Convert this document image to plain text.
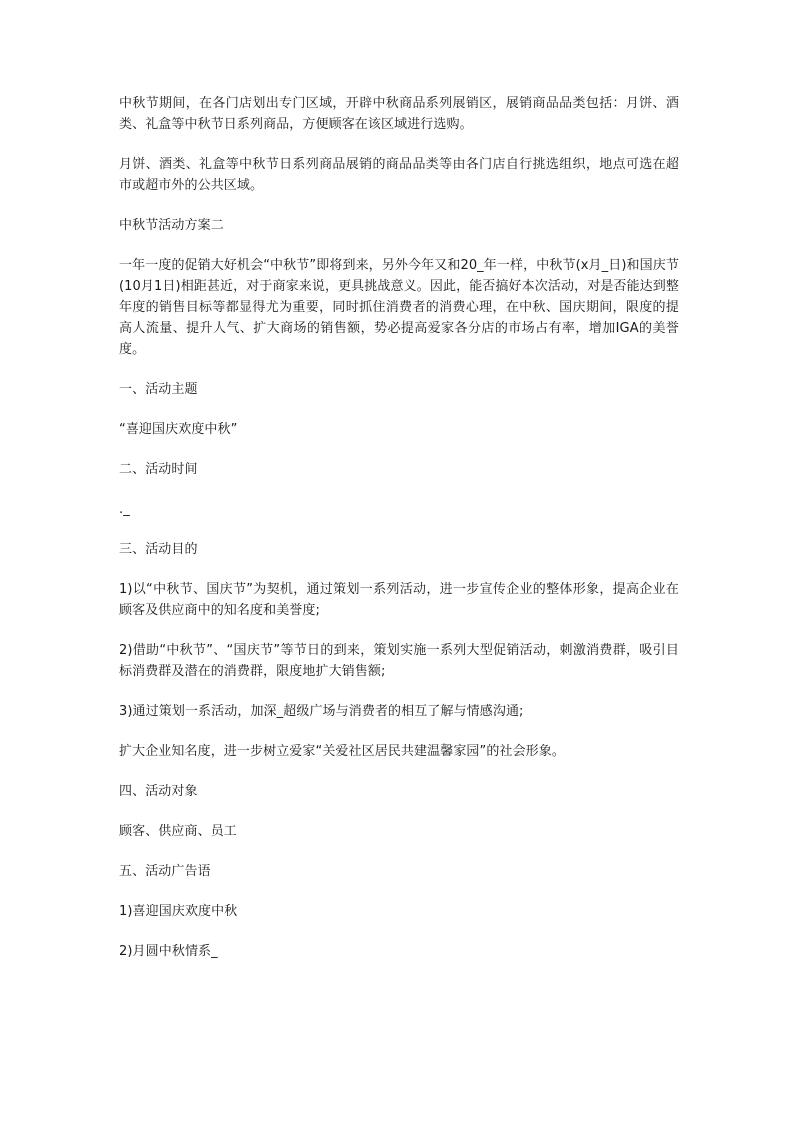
中秋节期间，在各门店划出专门区域，开辟中秋商品系列展销区，展销商品品类包括：月饼、酒类、礼盒等中秋节日系列商品，方便顾客在该区域进行选购。

月饼、酒类、礼盒等中秋节日系列商品展销的商品品类等由各门店自行挑选组织，地点可选在超市或超市外的公共区域。

中秋节活动方案二

一年一度的促销大好机会“中秋节”即将到来，另外今年又和20_年一样，中秋节(x月_日)和国庆节(10月1日)相距甚近，对于商家来说，更具挑战意义。因此，能否搞好本次活动，对是否能达到整年度的销售目标等都显得尤为重要，同时抓住消费者的消费心理，在中秋、国庆期间，限度的提高人流量、提升人气、扩大商场的销售额，势必提高爱家各分店的市场占有率，增加IGA的美誉度。

一、活动主题

“喜迎国庆欢度中秋”

二、活动时间

._

三、活动目的

1)以“中秋节、国庆节”为契机，通过策划一系列活动，进一步宣传企业的整体形象，提高企业在顾客及供应商中的知名度和美誉度;

2)借助“中秋节”、“国庆节”等节日的到来，策划实施一系列大型促销活动，刺激消费群，吸引目标消费群及潜在的消费群，限度地扩大销售额;

3)通过策划一系活动，加深_超级广场与消费者的相互了解与情感沟通;

扩大企业知名度，进一步树立爱家“关爱社区居民共建温馨家园”的社会形象。

四、活动对象

顾客、供应商、员工

五、活动广告语

1)喜迎国庆欢度中秋

2)月圆中秋情系_
